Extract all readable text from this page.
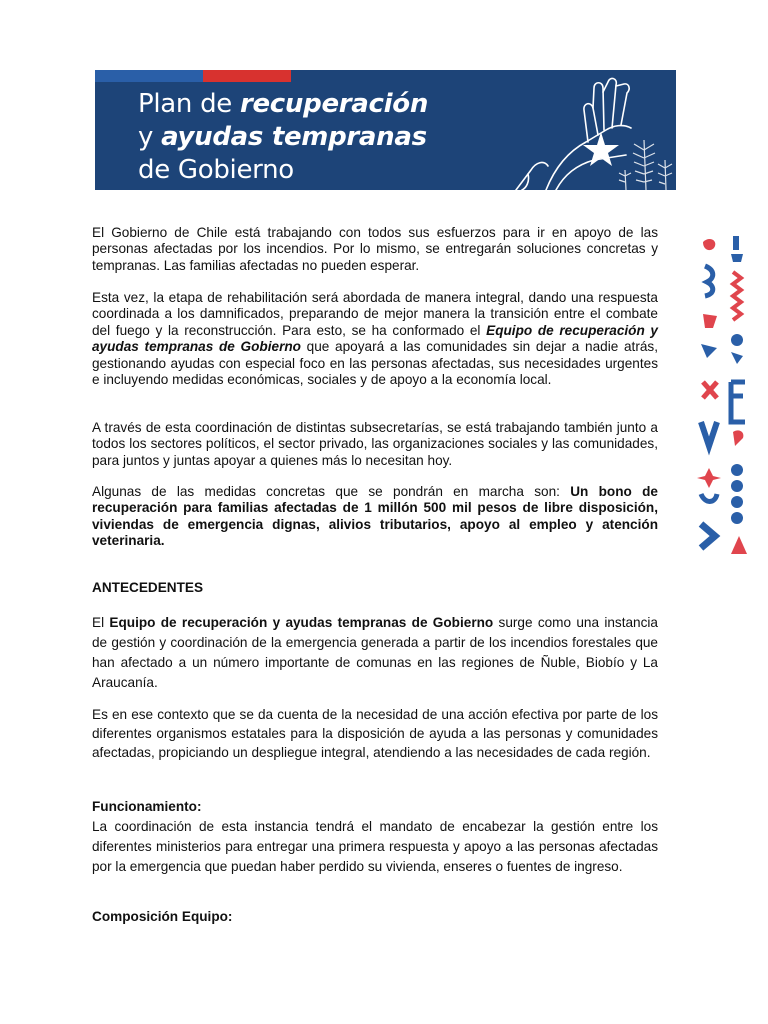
Plan de recuperación
y ayudas tempranas
de Gobierno

El Gobierno de Chile está trabajando con todos sus esfuerzos para ir en apoyo de las personas afectadas por los incendios. Por lo mismo, se entregarán soluciones concretas y tempranas. Las familias afectadas no pueden esperar.

Esta vez, la etapa de rehabilitación será abordada de manera integral, dando una respuesta coordinada a los damnificados, preparando de mejor manera la transición entre el combate del fuego y la reconstrucción. Para esto, se ha conformado el Equipo de recuperación y ayudas tempranas de Gobierno que apoyará a las comunidades sin dejar a nadie atrás, gestionando ayudas con especial foco en las personas afectadas, sus necesidades urgentes e incluyendo medidas económicas, sociales y de apoyo a la economía local.

A través de esta coordinación de distintas subsecretarías, se está trabajando también junto a todos los sectores políticos, el sector privado, las organizaciones sociales y las comunidades, para juntos y juntas apoyar a quienes más lo necesitan hoy.

Algunas de las medidas concretas que se pondrán en marcha son: Un bono de recuperación para familias afectadas de 1 millón 500 mil pesos de libre disposición, viviendas de emergencia dignas, alivios tributarios, apoyo al empleo y atención veterinaria.

ANTECEDENTES

El Equipo de recuperación y ayudas tempranas de Gobierno surge como una instancia de gestión y coordinación de la emergencia generada a partir de los incendios forestales que han afectado a un número importante de comunas en las regiones de Ñuble, Biobío y La Araucanía.

Es en ese contexto que se da cuenta de la necesidad de una acción efectiva por parte de los diferentes organismos estatales para la disposición de ayuda a las personas y comunidades afectadas, propiciando un despliegue integral, atendiendo a las necesidades de cada región.

Funcionamiento:

La coordinación de esta instancia tendrá el mandato de encabezar la gestión entre los diferentes ministerios para entregar una primera respuesta y apoyo a las personas afectadas por la emergencia que puedan haber perdido su vivienda, enseres o fuentes de ingreso.

Composición Equipo:
